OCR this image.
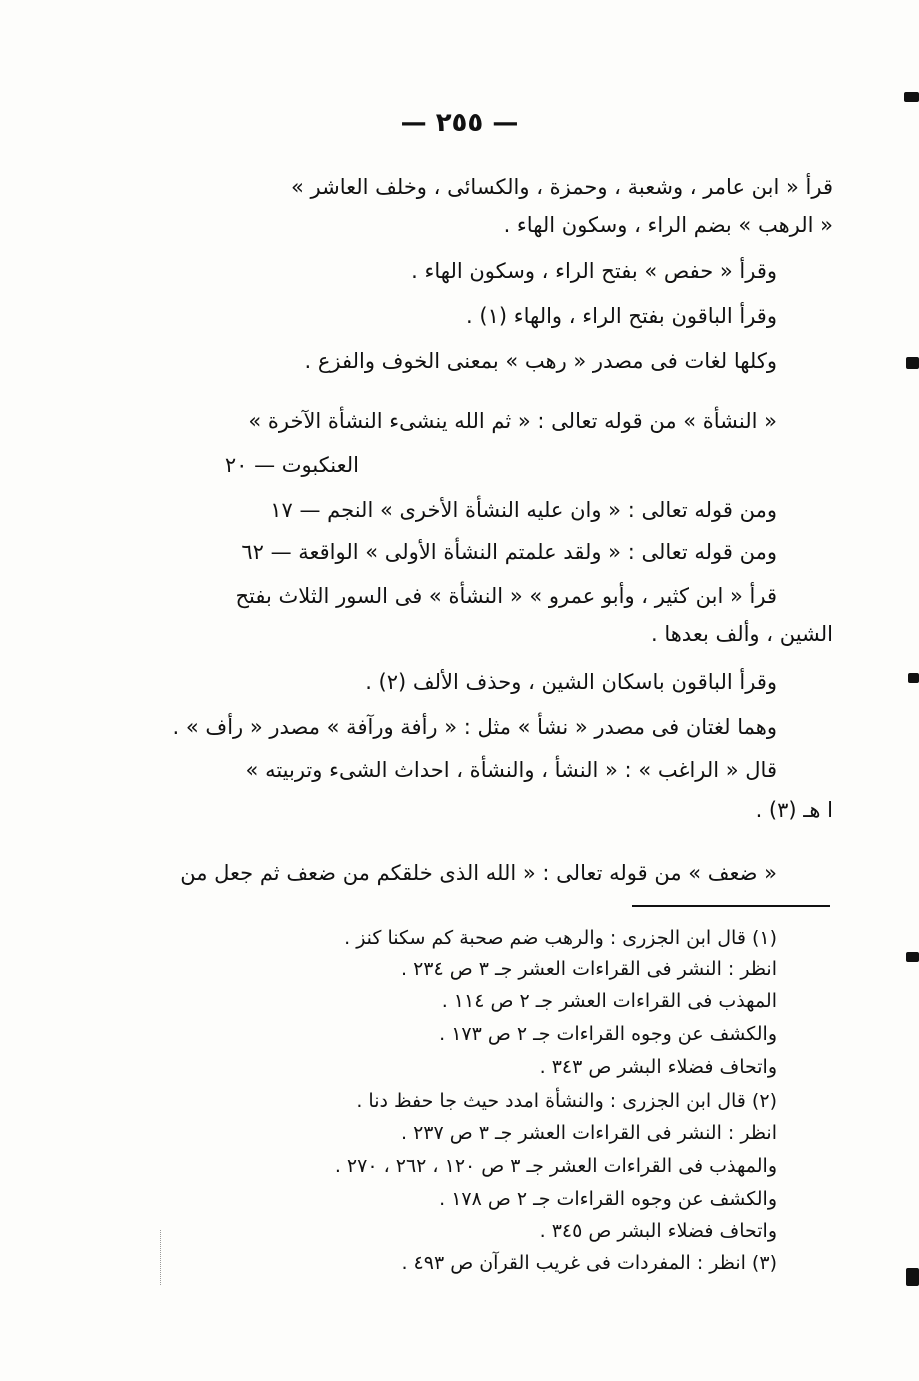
— ٢٥٥ —
قرأ « ابن عامر ، وشعبة ، وحمزة ، والكسائى ، وخلف العاشر »
« الرهب » بضم الراء ، وسكون الهاء .
وقرأ « حفص » بفتح الراء ، وسكون الهاء .
وقرأ الباقون بفتح الراء ، والهاء (١) .
وكلها لغات فى مصدر « رهب » بمعنى الخوف والفزع .
« النشأة » من قوله تعالى : « ثم الله ينشىء النشأة الآخرة »
العنكبوت — ٢٠
ومن قوله تعالى : « وان عليه النشأة الأخرى » النجم — ١٧
ومن قوله تعالى : « ولقد علمتم النشأة الأولى » الواقعة — ٦٢
قرأ « ابن كثير ، وأبو عمرو » « النشأة » فى السور الثلاث بفتح
الشين ، وألف بعدها .
وقرأ الباقون باسكان الشين ، وحذف الألف (٢) .
وهما لغتان فى مصدر « نشأ » مثل : « رأفة ورآفة » مصدر « رأف » .
قال « الراغب » : « النشأ ، والنشأة ، احداث الشىء وتربيته »
ا هـ (٣) .
« ضعف » من قوله تعالى : « الله الذى خلقكم من ضعف ثم جعل من
(١) قال ابن الجزرى : والرهب ضم صحبة كم سكنا كنز .
انظر : النشر فى القراءات العشر جـ ٣ ص ٢٣٤ .
المهذب فى القراءات العشر جـ ٢ ص ١١٤ .
والكشف عن وجوه القراءات جـ ٢ ص ١٧٣ .
واتحاف فضلاء البشر ص ٣٤٣ .
(٢) قال ابن الجزرى : والنشأة امدد حيث جا حفظ دنا .
انظر : النشر فى القراءات العشر جـ ٣ ص ٢٣٧ .
والمهذب فى القراءات العشر جـ ٣ ص ١٢٠ ، ٢٦٢ ، ٢٧٠ .
والكشف عن وجوه القراءات جـ ٢ ص ١٧٨ .
واتحاف فضلاء البشر ص ٣٤٥ .
(٣) انظر : المفردات فى غريب القرآن ص ٤٩٣ .
